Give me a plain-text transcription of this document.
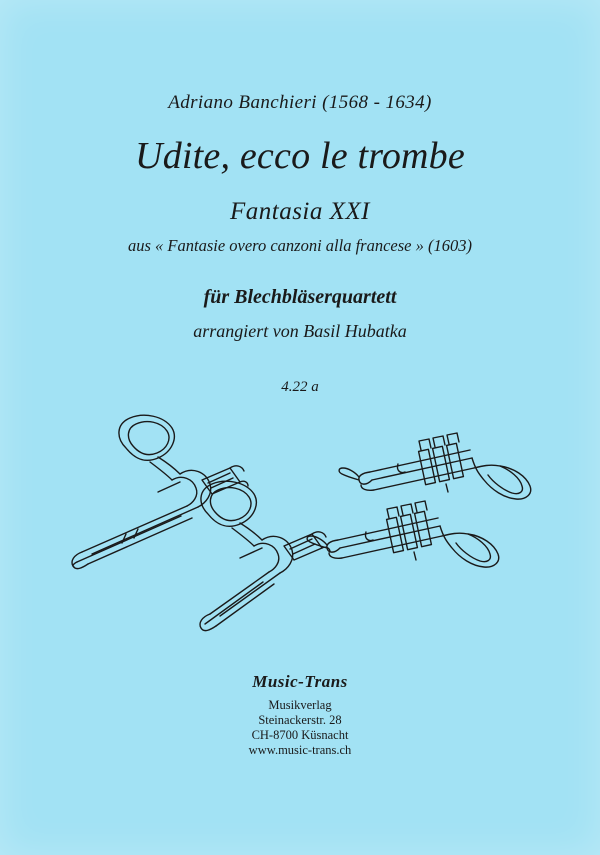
Adriano Banchieri (1568 - 1634)

Udite, ecco le trombe

Fantasia XXI

aus « Fantasie overo canzoni alla francese » (1603)

für Blechbläserquartett

arrangiert von Basil Hubatka

4.22 a

Music-Trans

Musikverlag

Steinackerstr. 28

CH-8700 Küsnacht

www.music-trans.ch
